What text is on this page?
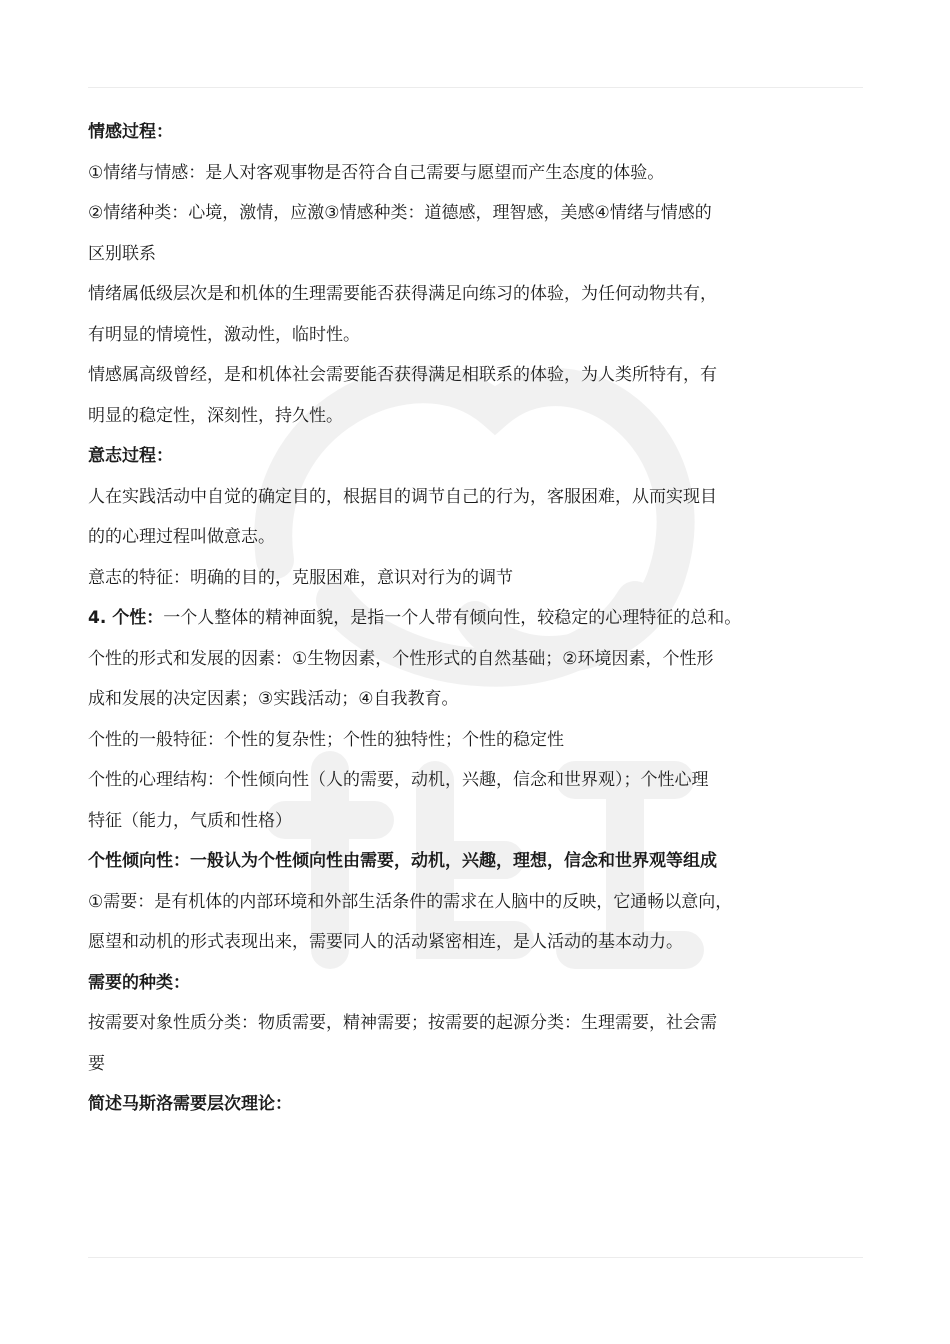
情感过程：
①情绪与情感：是人对客观事物是否符合自己需要与愿望而产生态度的体验。
②情绪种类：心境，激情，应激③情感种类：道德感，理智感，美感④情绪与情感的
区别联系
情绪属低级层次是和机体的生理需要能否获得满足向练习的体验，为任何动物共有，
有明显的情境性，激动性，临时性。
情感属高级曾经，是和机体社会需要能否获得满足相联系的体验，为人类所特有，有
明显的稳定性，深刻性，持久性。
意志过程：
人在实践活动中自觉的确定目的，根据目的调节自己的行为，客服困难，从而实现目
的的心理过程叫做意志。
意志的特征：明确的目的，克服困难，意识对行为的调节
4. 个性：一个人整体的精神面貌，是指一个人带有倾向性，较稳定的心理特征的总和。
个性的形式和发展的因素：①生物因素，个性形式的自然基础；②环境因素，个性形
成和发展的决定因素；③实践活动；④自我教育。
个性的一般特征：个性的复杂性；个性的独特性；个性的稳定性
个性的心理结构：个性倾向性（人的需要，动机，兴趣，信念和世界观）；个性心理
特征（能力，气质和性格）
个性倾向性：一般认为个性倾向性由需要，动机，兴趣，理想，信念和世界观等组成
①需要：是有机体的内部环境和外部生活条件的需求在人脑中的反映，它通畅以意向，
愿望和动机的形式表现出来，需要同人的活动紧密相连，是人活动的基本动力。
需要的种类：
按需要对象性质分类：物质需要，精神需要；按需要的起源分类：生理需要，社会需
要
简述马斯洛需要层次理论：
